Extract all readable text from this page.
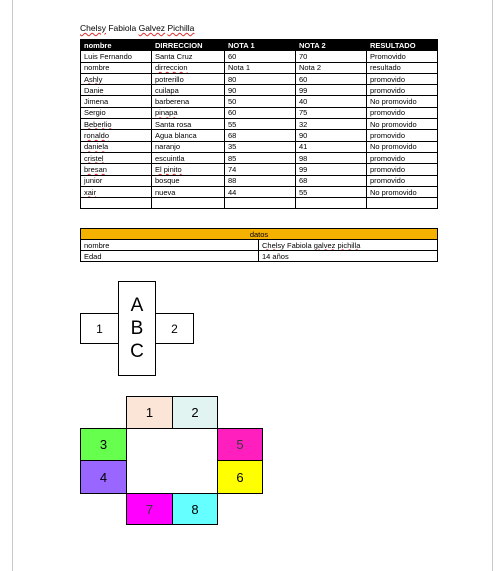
Chelsy Fabiola Galvez Pichilla
nombre	DIRRECCION	NOTA 1	NOTA 2	RESULTADO
Luis Fernando	Santa Cruz	60	70	Promovido
nombre	dirreccion	Nota 1	Nota 2	resultado
Ashly	potrerillo	80	60	promovido
Danie	cuilapa	90	99	promovido
Jimena	barberena	50	40	No promovido
Sergio	pinapa	60	75	promovido
Beberlio	Santa rosa	55	32	No promovido
ronaldo	Agua blanca	68	90	promovido
daniela	naranjo	35	41	No promovido
cristel	escuintla	85	98	promovido
bresan	El pinito	74	99	promovido
junior	bosque	88	68	promovido
xair	nueva	44	55	No promovido

datos	
nombre	Chelsy Fabiola galvez pichilla
Edad	14 años
1
A
B
C
2
1	2
3	5
4	6
7	8
